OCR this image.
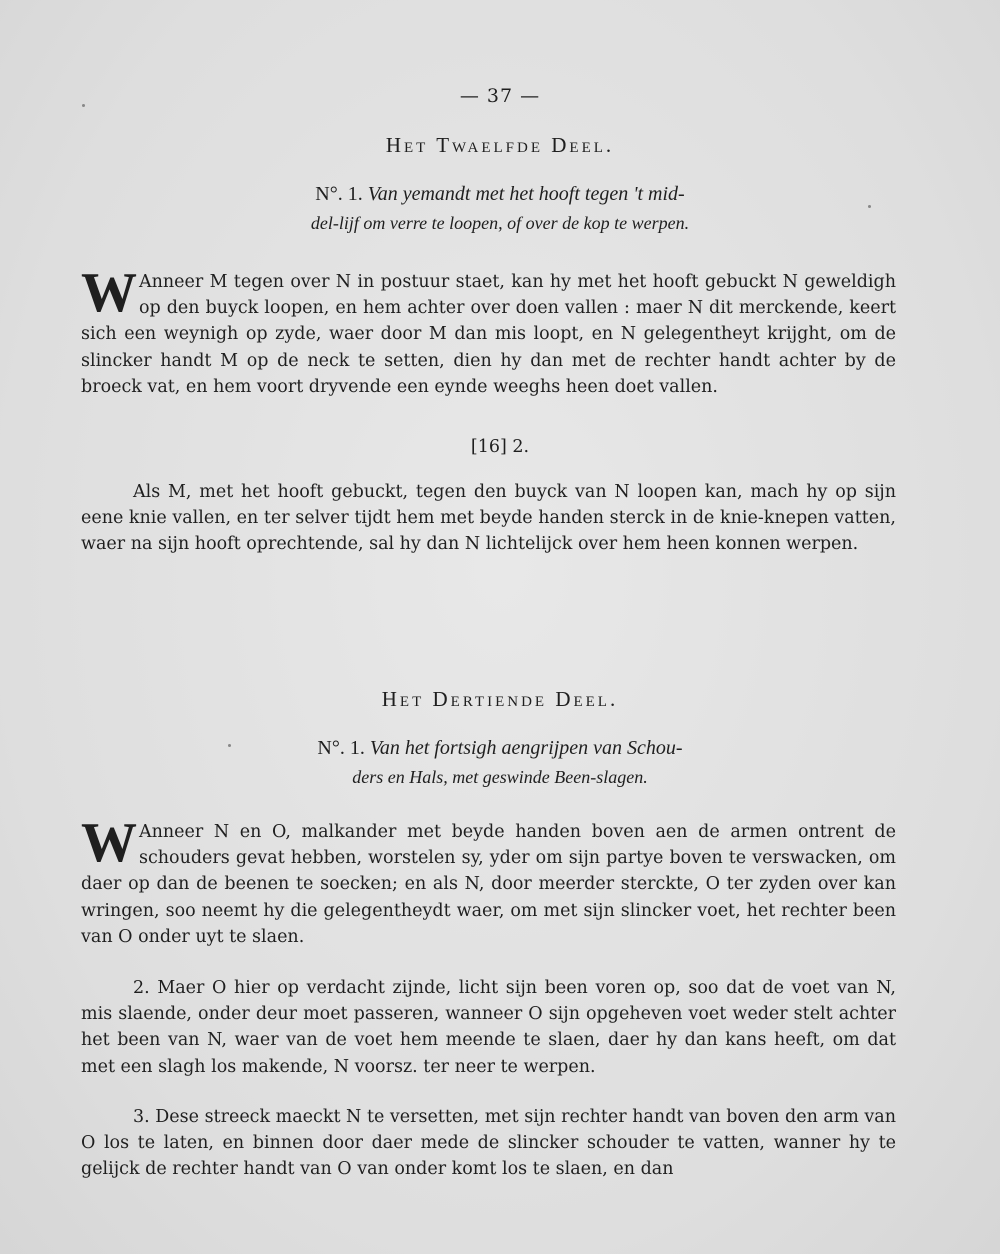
— 37 —
Het Twaelfde Deel.
N°. 1. Van yemandt met het hooft tegen 't mid-
del-lijf om verre te loopen, of over de kop te werpen.
W Anneer M tegen over N in postuur staet, kan hy met het hooft gebuckt N geweldigh op den buyck loopen, en hem achter over doen vallen : maer N dit merckende, keert sich een weynigh op zyde, waer door M dan mis loopt, en N gelegentheyt krijght, om de slincker handt M op de neck te setten, dien hy dan met de rechter handt achter by de broeck vat, en hem voort dryvende een eynde weeghs heen doet vallen.
[16] 2.
Als M, met het hooft gebuckt, tegen den buyck van N loopen kan, mach hy op sijn eene knie vallen, en ter selver tijdt hem met beyde handen sterck in de knie-knepen vatten, waer na sijn hooft oprechtende, sal hy dan N lichtelijck over hem heen konnen werpen.
Het Dertiende Deel.
N°. 1. Van het fortsigh aengrijpen van Schou-
ders en Hals, met geswinde Been-slagen.
W Anneer N en O, malkander met beyde handen boven aen de armen ontrent de schouders gevat hebben, worstelen sy, yder om sijn partye boven te verswacken, om daer op dan de beenen te soecken; en als N, door meerder sterckte, O ter zyden over kan wringen, soo neemt hy die gelegentheydt waer, om met sijn slincker voet, het rechter been van O onder uyt te slaen.
2. Maer O hier op verdacht zijnde, licht sijn been voren op, soo dat de voet van N, mis slaende, onder deur moet passeren, wanneer O sijn opgeheven voet weder stelt achter het been van N, waer van de voet hem meende te slaen, daer hy dan kans heeft, om dat met een slagh los makende, N voorsz. ter neer te werpen.
3. Dese streeck maeckt N te versetten, met sijn rechter handt van boven den arm van O los te laten, en binnen door daer mede de slincker schouder te vatten, wanner hy te gelijck de rechter handt van O van onder komt los te slaen, en dan
